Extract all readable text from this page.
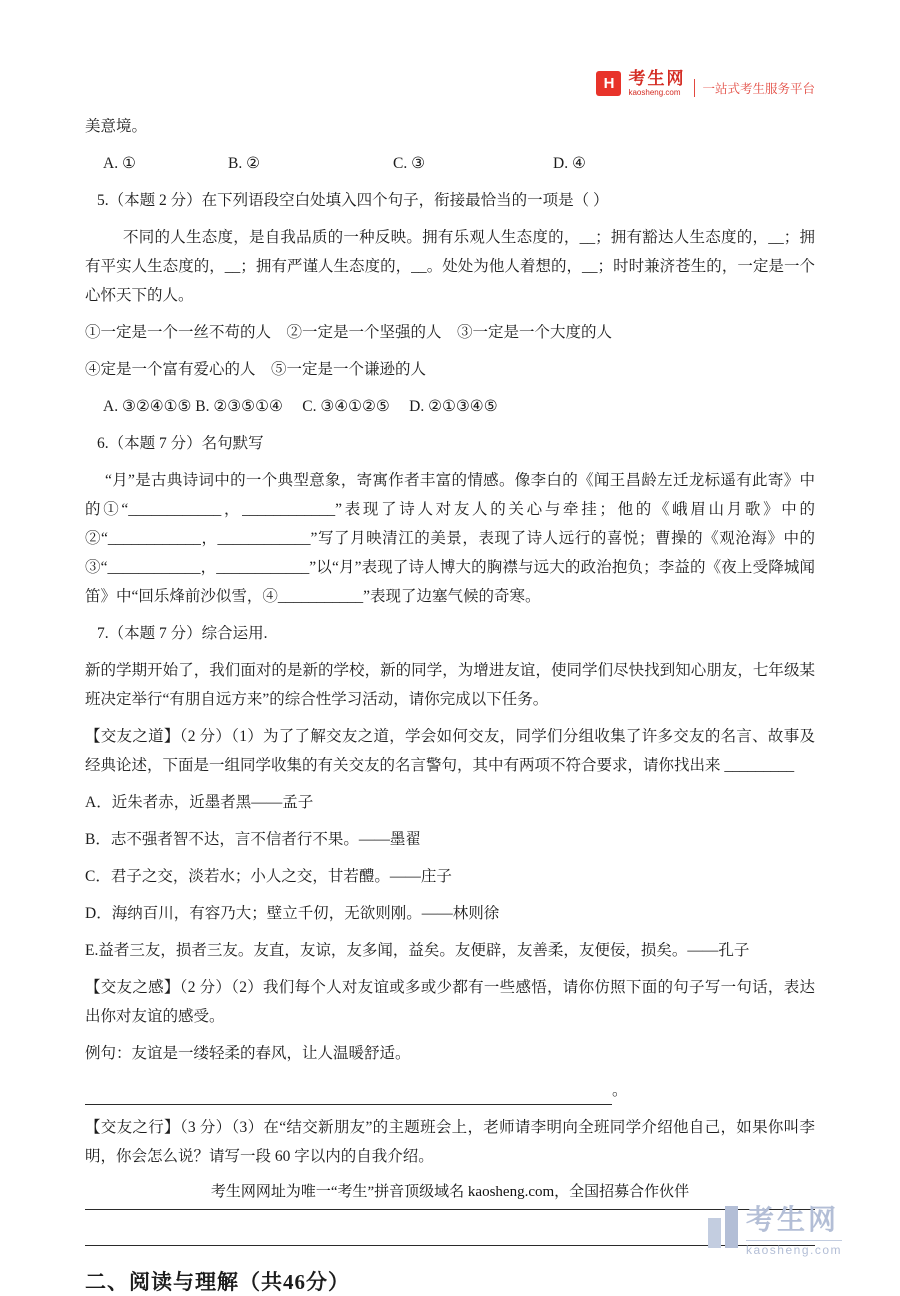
H 考生网
kaosheng.com	一站式考生服务平台

美意境。

A. ①	B. ②	C. ③	D. ④

5.（本题 2 分）在下列语段空白处填入四个句子，衔接最恰当的一项是（ ）

不同的人生态度，是自我品质的一种反映。拥有乐观人生态度的，__；拥有豁达人生态度的，__；拥有平实人生态度的，__；拥有严谨人生态度的，__。处处为他人着想的，__；时时兼济苍生的，一定是一个心怀天下的人。

①一定是一个一丝不苟的人　②一定是一个坚强的人　③一定是一个大度的人

④定是一个富有爱心的人　⑤一定是一个谦逊的人

A. ③②④①⑤ B. ②③⑤①④　 C. ③④①②⑤　 D. ②①③④⑤

6.（本题 7 分）名句默写

“月”是古典诗词中的一个典型意象，寄寓作者丰富的情感。像李白的《闻王昌龄左迁龙标遥有此寄》中的①“____________，____________”表现了诗人对友人的关心与牵挂；他的《峨眉山月歌》中的②“____________，____________”写了月映清江的美景，表现了诗人远行的喜悦；曹操的《观沧海》中的③“____________，____________”以“月”表现了诗人博大的胸襟与远大的政治抱负；李益的《夜上受降城闻笛》中“回乐烽前沙似雪，④___________”表现了边塞气候的奇寒。

7.（本题 7 分）综合运用.

新的学期开始了，我们面对的是新的学校，新的同学，为增进友谊，使同学们尽快找到知心朋友，七年级某班决定举行“有朋自远方来”的综合性学习活动，请你完成以下任务。

【交友之道】（2 分）（1）为了了解交友之道，学会如何交友，同学们分组收集了许多交友的名言、故事及经典论述，下面是一组同学收集的有关交友的名言警句，其中有两项不符合要求，请你找出来 _________

A．近朱者赤，近墨者黑——孟子

B．志不强者智不达，言不信者行不果。——墨翟

C．君子之交，淡若水；小人之交，甘若醴。——庄子

D．海纳百川，有容乃大；壁立千仞，无欲则刚。——林则徐

E.益者三友，损者三友。友直，友谅，友多闻，益矣。友便辟，友善柔，友便佞，损矣。——孔子

【交友之感】（2 分）（2）我们每个人对友谊或多或少都有一些感悟，请你仿照下面的句子写一句话，表达出你对友谊的感受。

例句：友谊是一缕轻柔的春风，让人温暖舒适。

。

【交友之行】（3 分）（3）在“结交新朋友”的主题班会上，老师请李明向全班同学介绍他自己，如果你叫李明，你会怎么说？请写一段 60 字以内的自我介绍。

二、阅读与理解（共46分）
考生网网址为唯一“考生”拼音顶级域名 kaosheng.com，全国招募合作伙伴
考生网
kaosheng.com
